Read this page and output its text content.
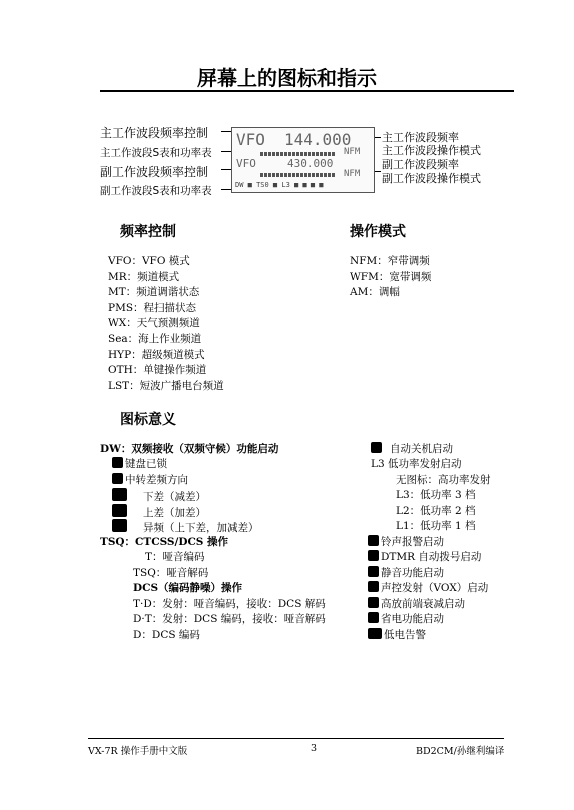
屏幕上的图标和指示
主工作波段频率控制
主工作波段S表和功率表
副工作波段频率控制
副工作波段S表和功率表
VFO 144.000
NFM
VFO	430.000
NFM
DW ■ TS0 ■ L3 ■ ■ ■ ■
主工作波段频率
主工作波段操作模式
副工作波段频率
副工作波段操作模式
频率控制
VFO：VFO 模式
MR：频道模式
MT：频道调谐状态
PMS：程扫描状态
WX：天气预测频道
Sea：海上作业频道
HYP：超级频道模式
OTH：单键操作频道
LST：短波广播电台频道
操作模式
NFM：窄带调频
WFM：宽带调频
AM：调幅
图标意义
DW：双频接收（双频守候）功能启动
键盘已锁
中转差频方向
下差（减差）
上差（加差）
异频（上下差，加减差）
TSQ：CTCSS/DCS 操作
T：哑音编码
TSQ：哑音解码
DCS（编码静噪）操作
T·D：发射：哑音编码，接收：DCS 解码
D·T：发射：DCS 编码，接收：哑音解码
D：DCS 编码
自动关机启动
L3 低功率发射启动
无图标：高功率发射
L3：低功率 3 档
L2：低功率 2 档
L1：低功率 1 档
铃声报警启动
DTMR 自动拨号启动
静音功能启动
声控发射（VOX）启动
高放前端衰减启动
省电功能启动
低电告警
VX-7R 操作手册中文版	3	BD2CM/孙继利编译
